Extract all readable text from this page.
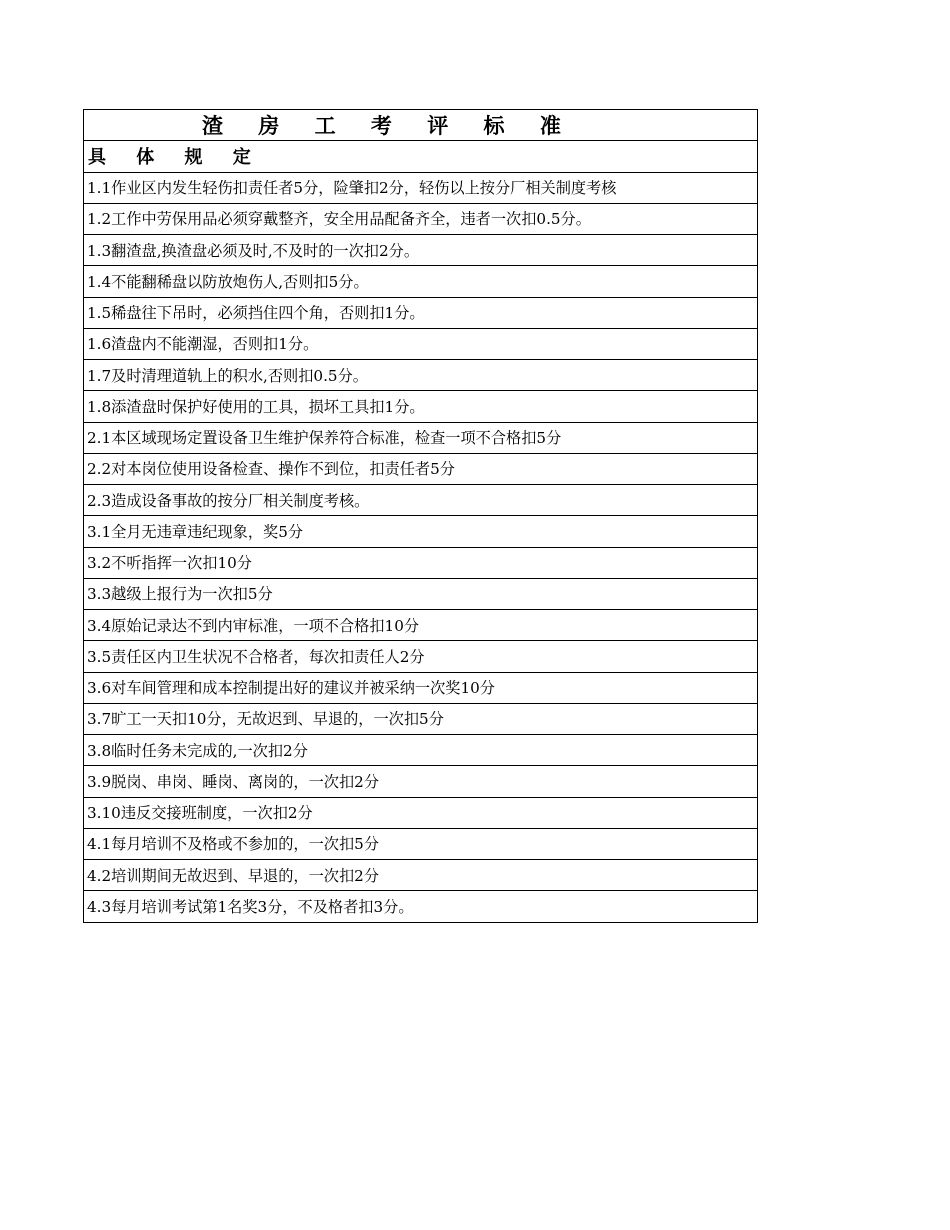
渣 房 工 考 评 标 准
具 体 规 定
1.1作业区内发生轻伤扣责任者5分，险肇扣2分，轻伤以上按分厂相关制度考核
1.2工作中劳保用品必须穿戴整齐，安全用品配备齐全，违者一次扣0.5分。
1.3翻渣盘,换渣盘必须及时,不及时的一次扣2分。
1.4不能翻稀盘以防放炮伤人,否则扣5分。
1.5稀盘往下吊时，必须挡住四个角，否则扣1分。
1.6渣盘内不能潮湿，否则扣1分。
1.7及时清理道轨上的积水,否则扣0.5分。
1.8添渣盘时保护好使用的工具，损坏工具扣1分。
2.1本区域现场定置设备卫生维护保养符合标准，检查一项不合格扣5分
2.2对本岗位使用设备检查、操作不到位，扣责任者5分
2.3造成设备事故的按分厂相关制度考核。
3.1全月无违章违纪现象，奖5分
3.2不听指挥一次扣10分
3.3越级上报行为一次扣5分
3.4原始记录达不到内审标准，一项不合格扣10分
3.5责任区内卫生状况不合格者，每次扣责任人2分
3.6对车间管理和成本控制提出好的建议并被采纳一次奖10分
3.7旷工一天扣10分，无故迟到、早退的，一次扣5分
3.8临时任务未完成的,一次扣2分
3.9脱岗、串岗、睡岗、离岗的，一次扣2分
3.10违反交接班制度，一次扣2分
4.1每月培训不及格或不参加的，一次扣5分
4.2培训期间无故迟到、早退的，一次扣2分
4.3每月培训考试第1名奖3分，不及格者扣3分。
